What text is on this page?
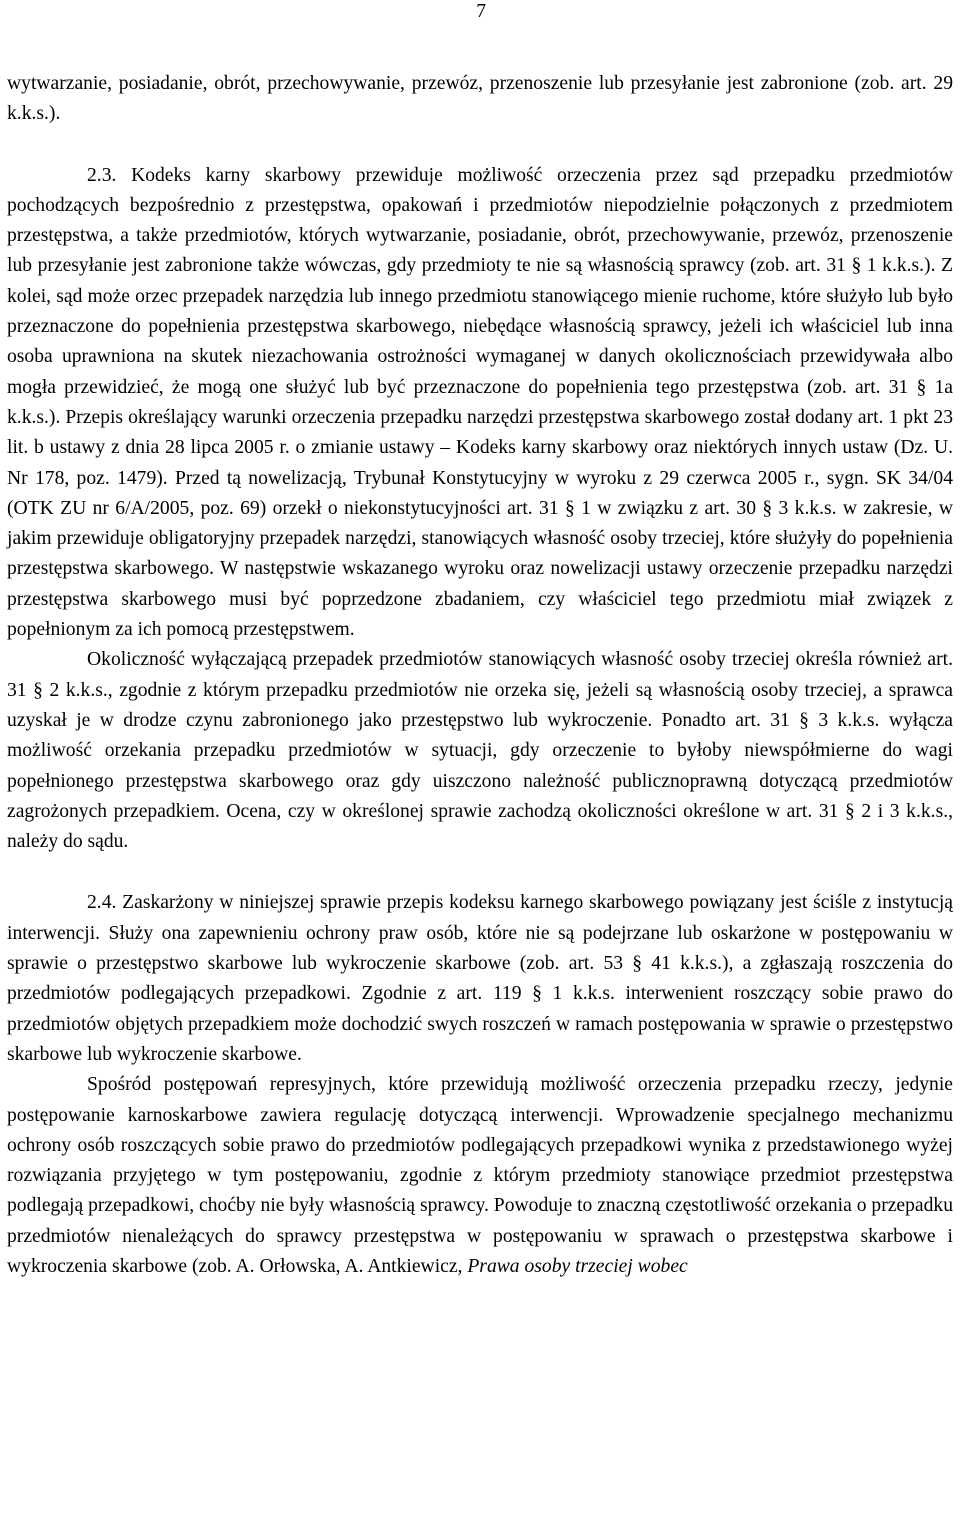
7

wytwarzanie, posiadanie, obrót, przechowywanie, przewóz, przenoszenie lub przesyłanie jest zabronione (zob. art. 29 k.k.s.).

2.3. Kodeks karny skarbowy przewiduje możliwość orzeczenia przez sąd przepadku przedmiotów pochodzących bezpośrednio z przestępstwa, opakowań i przedmiotów niepodzielnie połączonych z przedmiotem przestępstwa, a także przedmiotów, których wytwarzanie, posiadanie, obrót, przechowywanie, przewóz, przenoszenie lub przesyłanie jest zabronione także wówczas, gdy przedmioty te nie są własnością sprawcy (zob. art. 31 § 1 k.k.s.). Z kolei, sąd może orzec przepadek narzędzia lub innego przedmiotu stanowiącego mienie ruchome, które służyło lub było przeznaczone do popełnienia przestępstwa skarbowego, niebędące własnością sprawcy, jeżeli ich właściciel lub inna osoba uprawniona na skutek niezachowania ostrożności wymaganej w danych okolicznościach przewidywała albo mogła przewidzieć, że mogą one służyć lub być przeznaczone do popełnienia tego przestępstwa (zob. art. 31 § 1a k.k.s.). Przepis określający warunki orzeczenia przepadku narzędzi przestępstwa skarbowego został dodany art. 1 pkt 23 lit. b ustawy z dnia 28 lipca 2005 r. o zmianie ustawy – Kodeks karny skarbowy oraz niektórych innych ustaw (Dz. U. Nr 178, poz. 1479). Przed tą nowelizacją, Trybunał Konstytucyjny w wyroku z 29 czerwca 2005 r., sygn. SK 34/04 (OTK ZU nr 6/A/2005, poz. 69) orzekł o niekonstytucyjności art. 31 § 1 w związku z art. 30 § 3 k.k.s. w zakresie, w jakim przewiduje obligatoryjny przepadek narzędzi, stanowiących własność osoby trzeciej, które służyły do popełnienia przestępstwa skarbowego. W następstwie wskazanego wyroku oraz nowelizacji ustawy orzeczenie przepadku narzędzi przestępstwa skarbowego musi być poprzedzone zbadaniem, czy właściciel tego przedmiotu miał związek z popełnionym za ich pomocą przestępstwem.

Okoliczność wyłączającą przepadek przedmiotów stanowiących własność osoby trzeciej określa również art. 31 § 2 k.k.s., zgodnie z którym przepadku przedmiotów nie orzeka się, jeżeli są własnością osoby trzeciej, a sprawca uzyskał je w drodze czynu zabronionego jako przestępstwo lub wykroczenie. Ponadto art. 31 § 3 k.k.s. wyłącza możliwość orzekania przepadku przedmiotów w sytuacji, gdy orzeczenie to byłoby niewspółmierne do wagi popełnionego przestępstwa skarbowego oraz gdy uiszczono należność publicznoprawną dotyczącą przedmiotów zagrożonych przepadkiem. Ocena, czy w określonej sprawie zachodzą okoliczności określone w art. 31 § 2 i 3 k.k.s., należy do sądu.

2.4. Zaskarżony w niniejszej sprawie przepis kodeksu karnego skarbowego powiązany jest ściśle z instytucją interwencji. Służy ona zapewnieniu ochrony praw osób, które nie są podejrzane lub oskarżone w postępowaniu w sprawie o przestępstwo skarbowe lub wykroczenie skarbowe (zob. art. 53 § 41 k.k.s.), a zgłaszają roszczenia do przedmiotów podlegających przepadkowi. Zgodnie z art. 119 § 1 k.k.s. interwenient roszczący sobie prawo do przedmiotów objętych przepadkiem może dochodzić swych roszczeń w ramach postępowania w sprawie o przestępstwo skarbowe lub wykroczenie skarbowe.

Spośród postępowań represyjnych, które przewidują możliwość orzeczenia przepadku rzeczy, jedynie postępowanie karnoskarbowe zawiera regulację dotyczącą interwencji. Wprowadzenie specjalnego mechanizmu ochrony osób roszczących sobie prawo do przedmiotów podlegających przepadkowi wynika z przedstawionego wyżej rozwiązania przyjętego w tym postępowaniu, zgodnie z którym przedmioty stanowiące przedmiot przestępstwa podlegają przepadkowi, choćby nie były własnością sprawcy. Powoduje to znaczną częstotliwość orzekania o przepadku przedmiotów nienależących do sprawcy przestępstwa w postępowaniu w sprawach o przestępstwa skarbowe i wykroczenia skarbowe (zob. A. Orłowska, A. Antkiewicz, Prawa osoby trzeciej wobec
